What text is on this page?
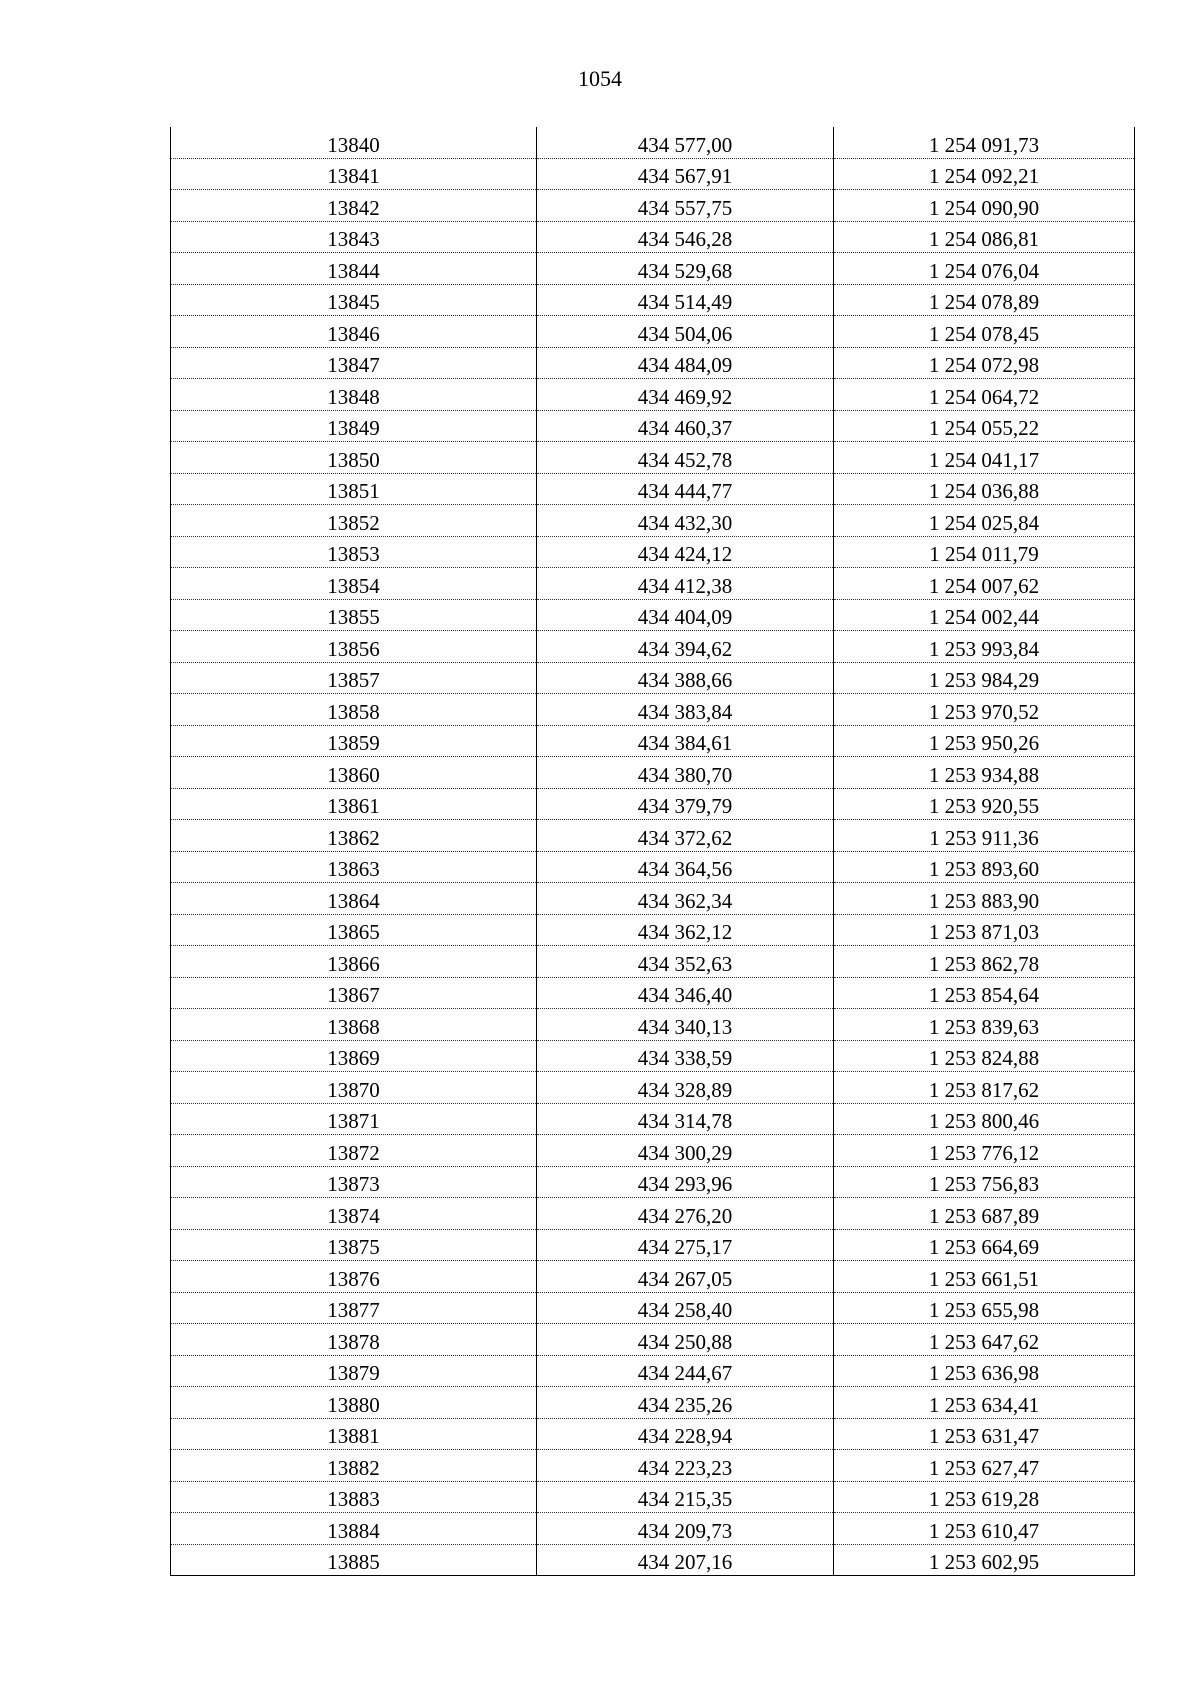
1054
13840	434 577,00	1 254 091,73
13841	434 567,91	1 254 092,21
13842	434 557,75	1 254 090,90
13843	434 546,28	1 254 086,81
13844	434 529,68	1 254 076,04
13845	434 514,49	1 254 078,89
13846	434 504,06	1 254 078,45
13847	434 484,09	1 254 072,98
13848	434 469,92	1 254 064,72
13849	434 460,37	1 254 055,22
13850	434 452,78	1 254 041,17
13851	434 444,77	1 254 036,88
13852	434 432,30	1 254 025,84
13853	434 424,12	1 254 011,79
13854	434 412,38	1 254 007,62
13855	434 404,09	1 254 002,44
13856	434 394,62	1 253 993,84
13857	434 388,66	1 253 984,29
13858	434 383,84	1 253 970,52
13859	434 384,61	1 253 950,26
13860	434 380,70	1 253 934,88
13861	434 379,79	1 253 920,55
13862	434 372,62	1 253 911,36
13863	434 364,56	1 253 893,60
13864	434 362,34	1 253 883,90
13865	434 362,12	1 253 871,03
13866	434 352,63	1 253 862,78
13867	434 346,40	1 253 854,64
13868	434 340,13	1 253 839,63
13869	434 338,59	1 253 824,88
13870	434 328,89	1 253 817,62
13871	434 314,78	1 253 800,46
13872	434 300,29	1 253 776,12
13873	434 293,96	1 253 756,83
13874	434 276,20	1 253 687,89
13875	434 275,17	1 253 664,69
13876	434 267,05	1 253 661,51
13877	434 258,40	1 253 655,98
13878	434 250,88	1 253 647,62
13879	434 244,67	1 253 636,98
13880	434 235,26	1 253 634,41
13881	434 228,94	1 253 631,47
13882	434 223,23	1 253 627,47
13883	434 215,35	1 253 619,28
13884	434 209,73	1 253 610,47
13885	434 207,16	1 253 602,95
